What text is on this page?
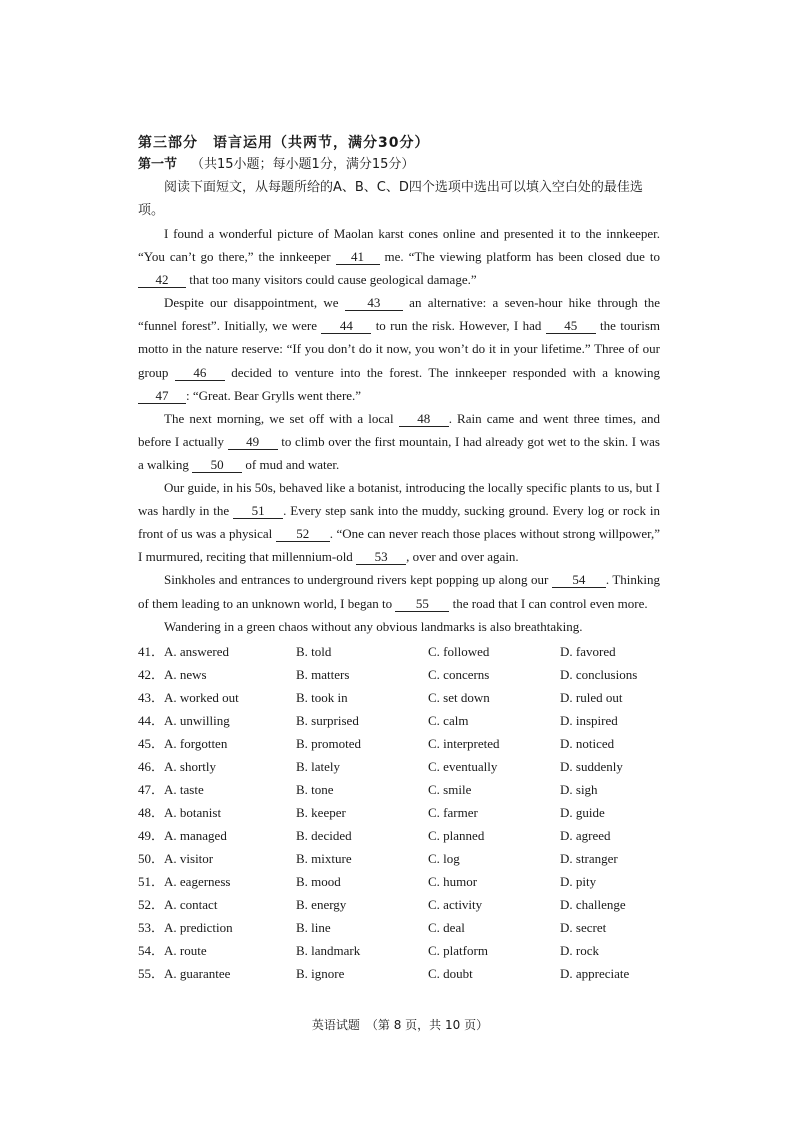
第三部分　语言运用（共两节，满分30分）
第一节 （共15小题；每小题1分，满分15分）
阅读下面短文，从每题所给的A、B、C、D四个选项中选出可以填入空白处的最佳选项。
I found a wonderful picture of Maolan karst cones online and presented it to the innkeeper. “You can’t go there,” the innkeeper 41 me. “The viewing platform has been closed due to 42 that too many visitors could cause geological damage.”
Despite our disappointment, we 43 an alternative: a seven-hour hike through the “funnel forest”. Initially, we were 44 to run the risk. However, I had 45 the tourism motto in the nature reserve: “If you don’t do it now, you won’t do it in your lifetime.” Three of our group 46 decided to venture into the forest. The innkeeper responded with a knowing 47 : “Great. Bear Grylls went there.”
The next morning, we set off with a local 48 . Rain came and went three times, and before I actually 49 to climb over the first mountain, I had already got wet to the skin. I was a walking 50 of mud and water.
Our guide, in his 50s, behaved like a botanist, introducing the locally specific plants to us, but I was hardly in the 51 . Every step sank into the muddy, sucking ground. Every log or rock in front of us was a physical 52 . “One can never reach those places without strong willpower,” I murmured, reciting that millennium-old 53 , over and over again.
Sinkholes and entrances to underground rivers kept popping up along our 54 . Thinking of them leading to an unknown world, I began to 55 the road that I can control even more.
Wandering in a green chaos without any obvious landmarks is also breathtaking.
41．A. answered	B. told	C. followed	D. favored
42．A. news	B. matters	C. concerns	D. conclusions
43．A. worked out	B. took in	C. set down	D. ruled out
44．A. unwilling	B. surprised	C. calm	D. inspired
45．A. forgotten	B. promoted	C. interpreted	D. noticed
46．A. shortly	B. lately	C. eventually	D. suddenly
47．A. taste	B. tone	C. smile	D. sigh
48．A. botanist	B. keeper	C. farmer	D. guide
49．A. managed	B. decided	C. planned	D. agreed
50．A. visitor	B. mixture	C. log	D. stranger
51．A. eagerness	B. mood	C. humor	D. pity
52．A. contact	B. energy	C. activity	D. challenge
53．A. prediction	B. line	C. deal	D. secret
54．A. route	B. landmark	C. platform	D. rock
55．A. guarantee	B. ignore	C. doubt	D. appreciate
英语试题　（第 8 页，共 10 页）
